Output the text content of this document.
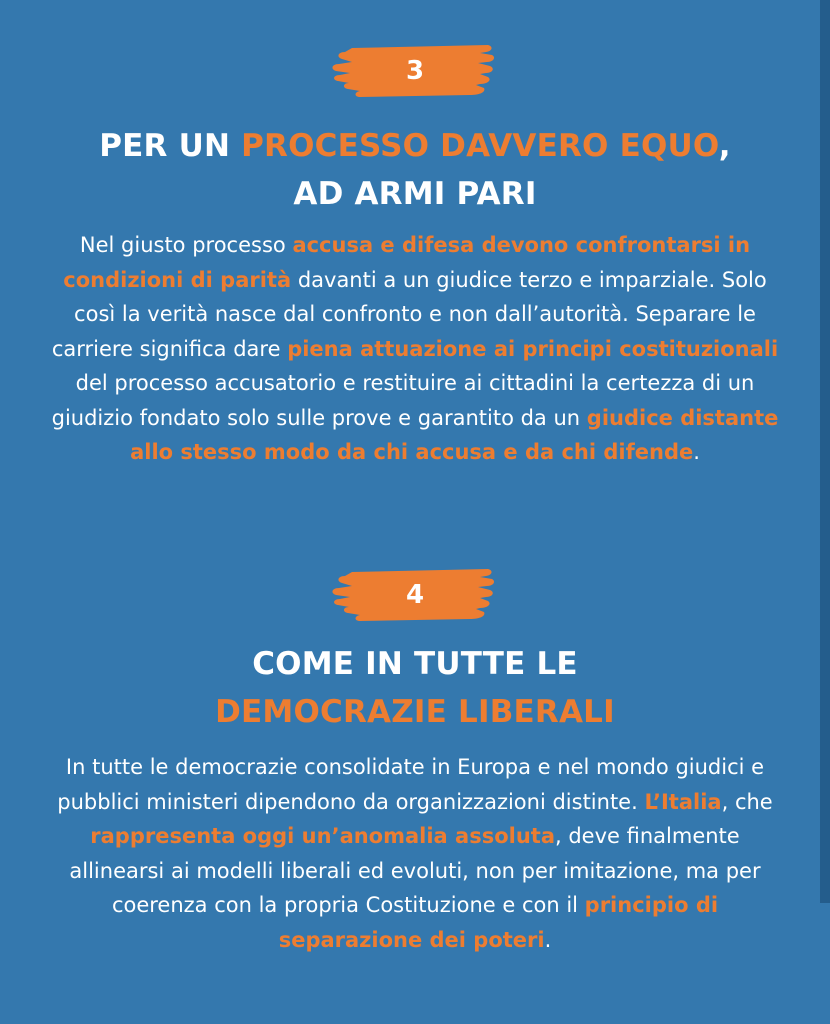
3
PER UN PROCESSO DAVVERO EQUO,
AD ARMI PARI

Nel giusto processo accusa e difesa devono confrontarsi in condizioni di parità davanti a un giudice terzo e imparziale. Solo così la verità nasce dal confronto e non dall’autorità. Separare le carriere significa dare piena attuazione ai principi costituzionali del processo accusatorio e restituire ai cittadini la certezza di un giudizio fondato solo sulle prove e garantito da un giudice distante allo stesso modo da chi accusa e da chi difende.

4
COME IN TUTTE LE
DEMOCRAZIE LIBERALI

In tutte le democrazie consolidate in Europa e nel mondo giudici e pubblici ministeri dipendono da organizzazioni distinte. L’Italia, che rappresenta oggi un’anomalia assoluta, deve finalmente allinearsi ai modelli liberali ed evoluti, non per imitazione, ma per coerenza con la propria Costituzione e con il principio di separazione dei poteri.
